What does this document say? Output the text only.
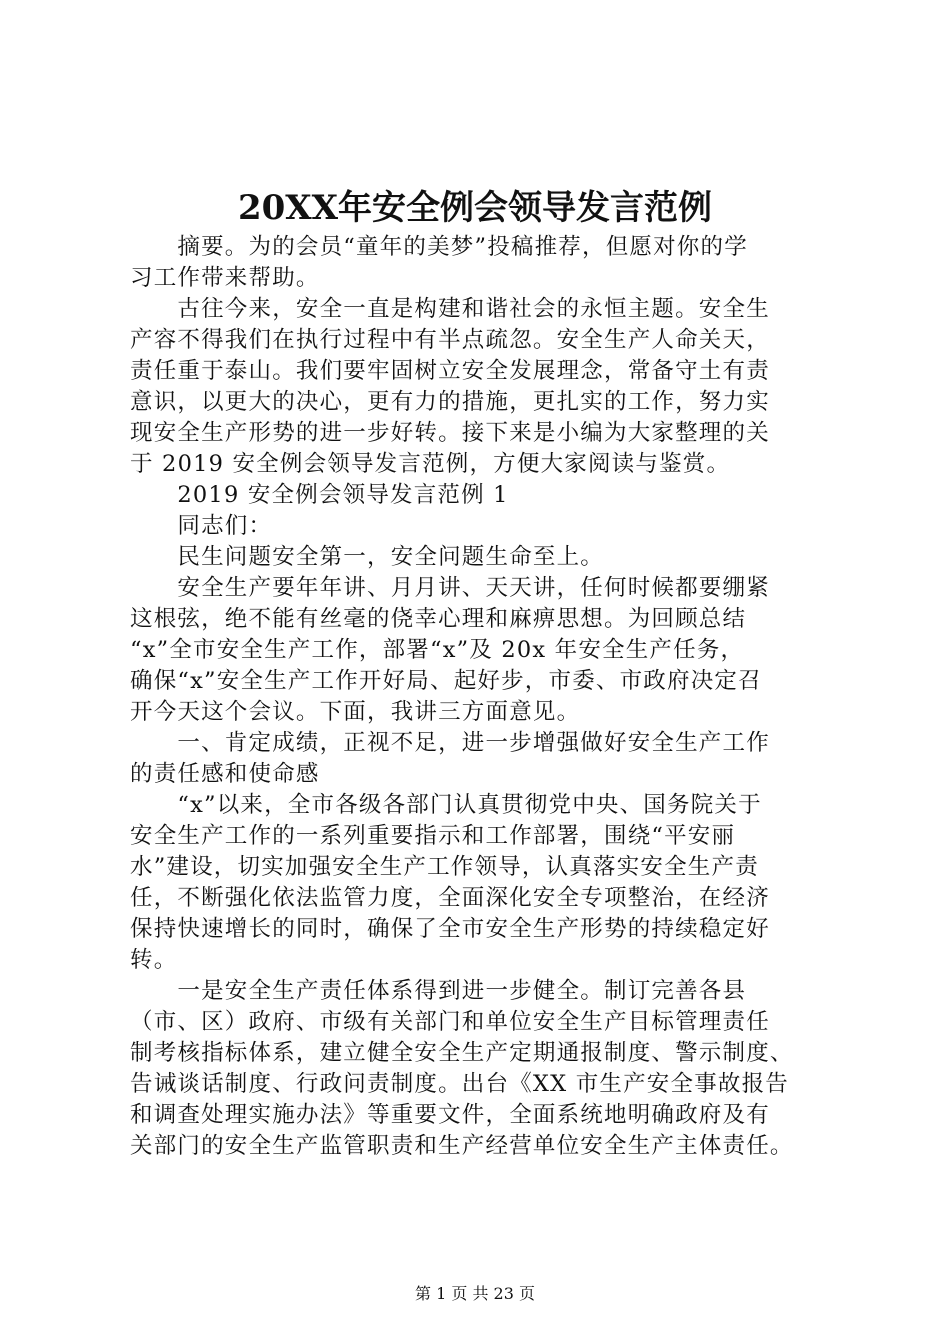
20XX年安全例会领导发言范例
　　摘要。为的会员“童年的美梦”投稿推荐，但愿对你的学
习工作带来帮助。
　　古往今来，安全一直是构建和谐社会的永恒主题。安全生
产容不得我们在执行过程中有半点疏忽。安全生产人命关天，
责任重于泰山。我们要牢固树立安全发展理念，常备守土有责
意识，以更大的决心，更有力的措施，更扎实的工作，努力实
现安全生产形势的进一步好转。接下来是小编为大家整理的关
于 2019 安全例会领导发言范例，方便大家阅读与鉴赏。
　　2019 安全例会领导发言范例 1
　　同志们：
　　民生问题安全第一，安全问题生命至上。
　　安全生产要年年讲、月月讲、天天讲，任何时候都要绷紧
这根弦，绝不能有丝毫的侥幸心理和麻痹思想。为回顾总结
“x”全市安全生产工作，部署“x”及 20x 年安全生产任务，
确保“x”安全生产工作开好局、起好步，市委、市政府决定召
开今天这个会议。下面，我讲三方面意见。
　　一、肯定成绩，正视不足，进一步增强做好安全生产工作
的责任感和使命感
　　“x”以来，全市各级各部门认真贯彻党中央、国务院关于
安全生产工作的一系列重要指示和工作部署，围绕“平安丽
水”建设，切实加强安全生产工作领导，认真落实安全生产责
任，不断强化依法监管力度，全面深化安全专项整治，在经济
保持快速增长的同时，确保了全市安全生产形势的持续稳定好
转。
　　一是安全生产责任体系得到进一步健全。制订完善各县
（市、区）政府、市级有关部门和单位安全生产目标管理责任
制考核指标体系，建立健全安全生产定期通报制度、警示制度、
告诫谈话制度、行政问责制度。出台《XX 市生产安全事故报告
和调查处理实施办法》等重要文件，全面系统地明确政府及有
关部门的安全生产监管职责和生产经营单位安全生产主体责任。
第 1 页 共 23 页
